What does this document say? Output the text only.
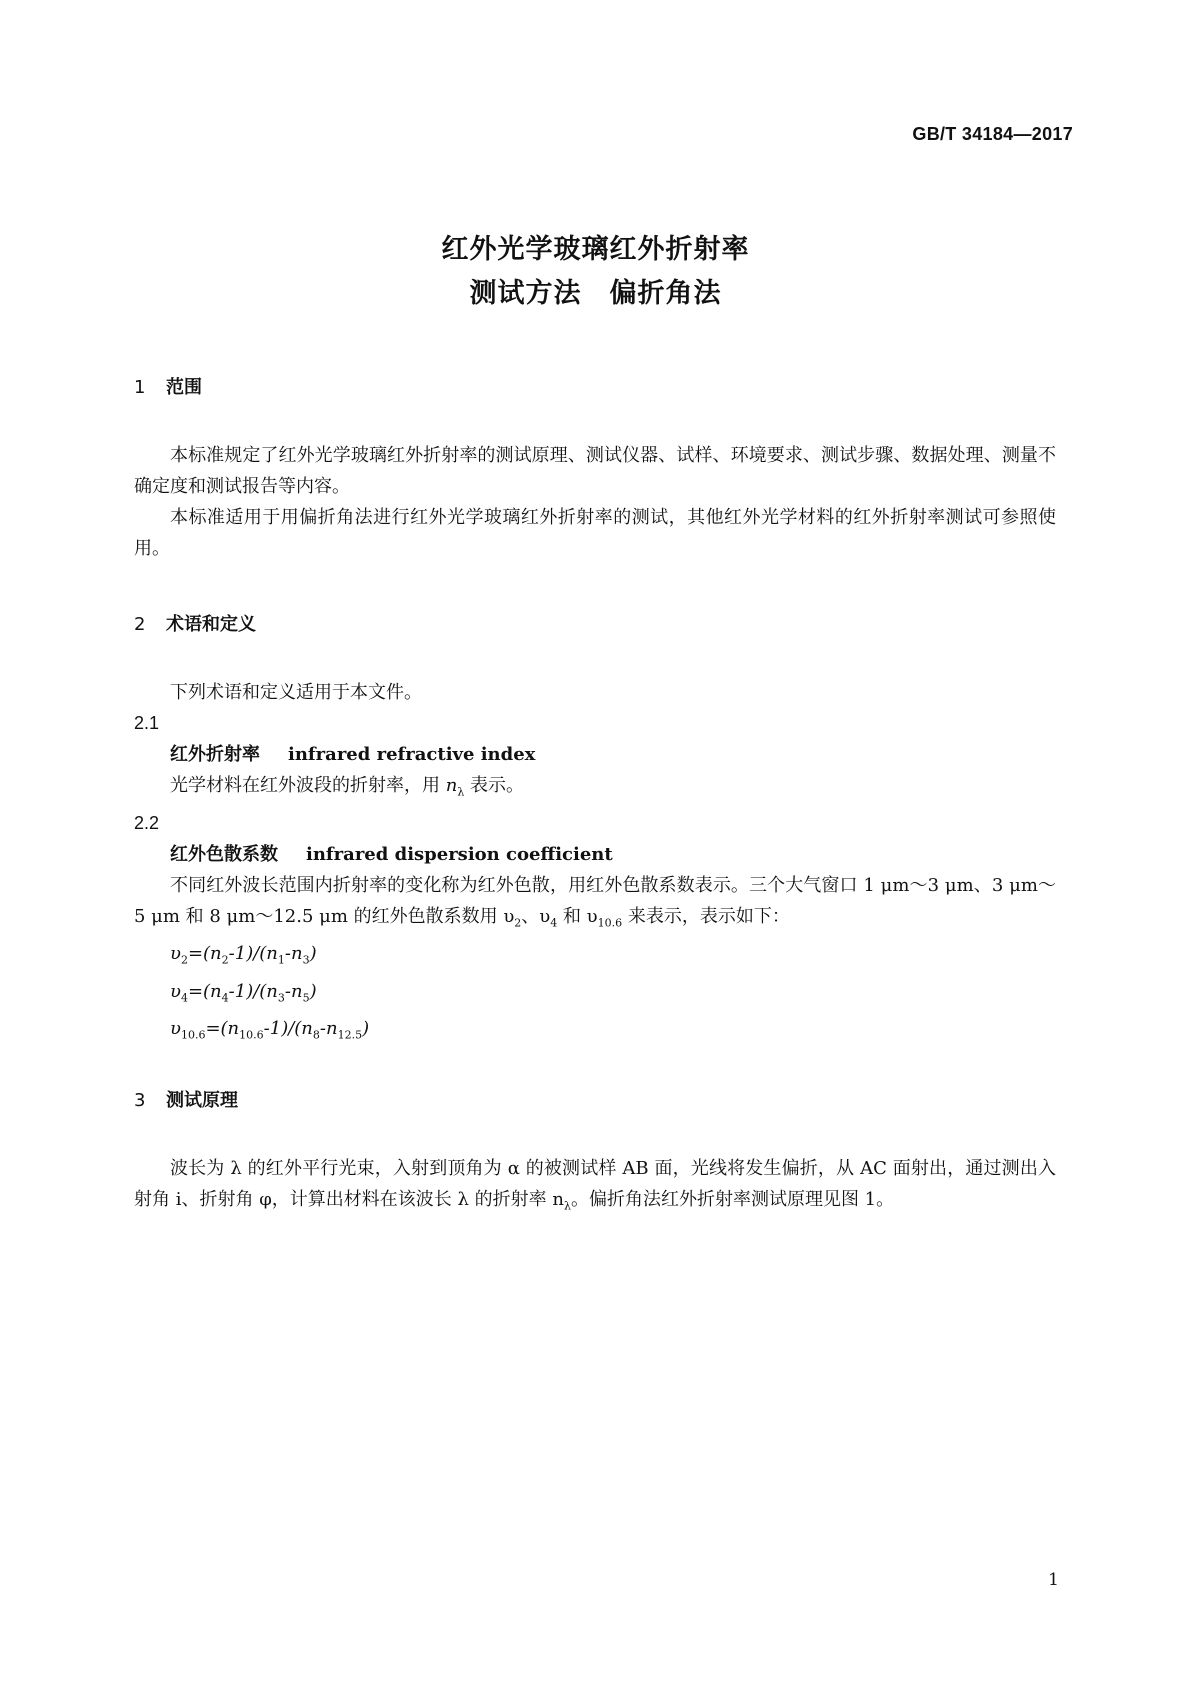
GB/T 34184—2017
红外光学玻璃红外折射率
测试方法　偏折角法

1 范围

本标准规定了红外光学玻璃红外折射率的测试原理、测试仪器、试样、环境要求、测试步骤、数据处理、测量不确定度和测试报告等内容。

本标准适用于用偏折角法进行红外光学玻璃红外折射率的测试，其他红外光学材料的红外折射率测试可参照使用。

2 术语和定义

下列术语和定义适用于本文件。

2.1

红外折射率 infrared refractive index

光学材料在红外波段的折射率，用 $n_\lambda$ 表示。

2.2

红外色散系数 infrared dispersion coefficient

不同红外波长范围内折射率的变化称为红外色散，用红外色散系数表示。三个大气窗口 1 μm～3 μm、3 μm～5 μm 和 8 μm～12.5 μm 的红外色散系数用 $\upsilon_2$、$\upsilon_4$ 和 $\upsilon_{10.6}$ 来表示，表示如下：

$\upsilon_2=(n_2-1)/(n_1-n_3)$

$\upsilon_4=(n_4-1)/(n_3-n_5)$

$\upsilon_{10.6}=(n_{10.6}-1)/(n_8-n_{12.5})$

3 测试原理

波长为 λ 的红外平行光束，入射到顶角为 α 的被测试样 AB 面，光线将发生偏折，从 AC 面射出，通过测出入射角 i、折射角 φ，计算出材料在该波长 λ 的折射率 $n_\lambda$。偏折角法红外折射率测试原理见图 1。

1
